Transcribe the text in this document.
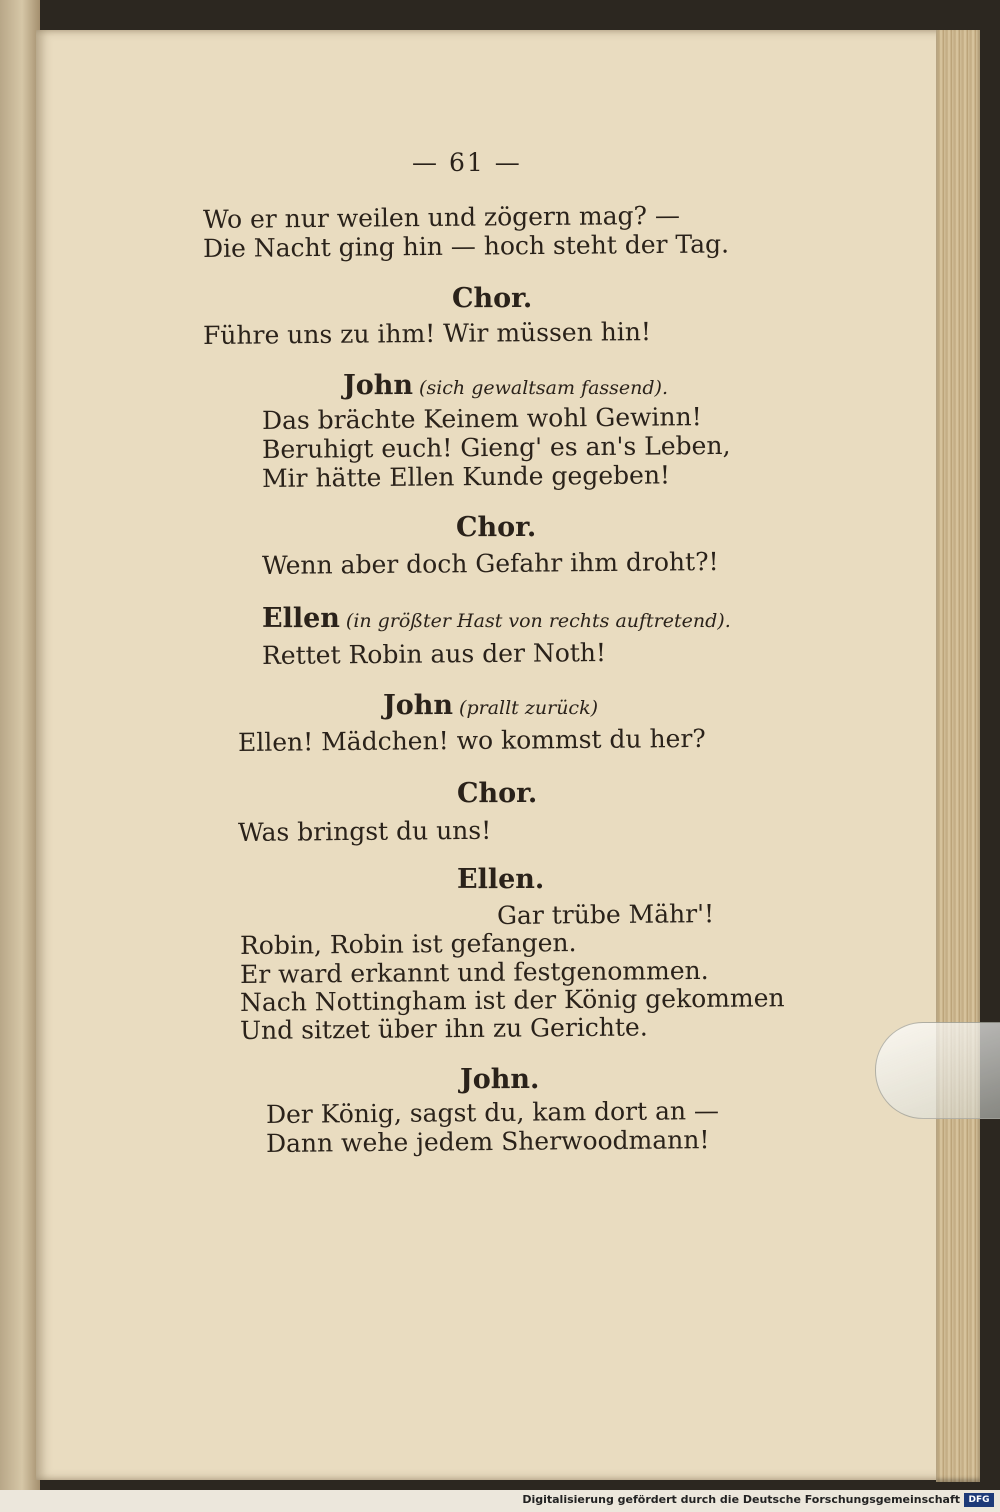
— 61 —
Wo er nur weilen und zögern mag? —
Die Nacht ging hin — hoch steht der Tag.
Chor.
Führe uns zu ihm! Wir müssen hin!
John (sich gewaltsam fassend).
Das brächte Keinem wohl Gewinn!
Beruhigt euch! Gieng' es an's Leben,
Mir hätte Ellen Kunde gegeben!
Chor.
Wenn aber doch Gefahr ihm droht?!
Ellen (in größter Hast von rechts auftretend).
Rettet Robin aus der Noth!
John (prallt zurück)
Ellen! Mädchen! wo kommst du her?
Chor.
Was bringst du uns!
Ellen.
Gar trübe Mähr'!
Robin, Robin ist gefangen.
Er ward erkannt und festgenommen.
Nach Nottingham ist der König gekommen
Und sitzet über ihn zu Gerichte.
John.
Der König, sagst du, kam dort an —
Dann wehe jedem Sherwoodmann!
Digitalisierung gefördert durch die Deutsche Forschungsgemeinschaft DFG
